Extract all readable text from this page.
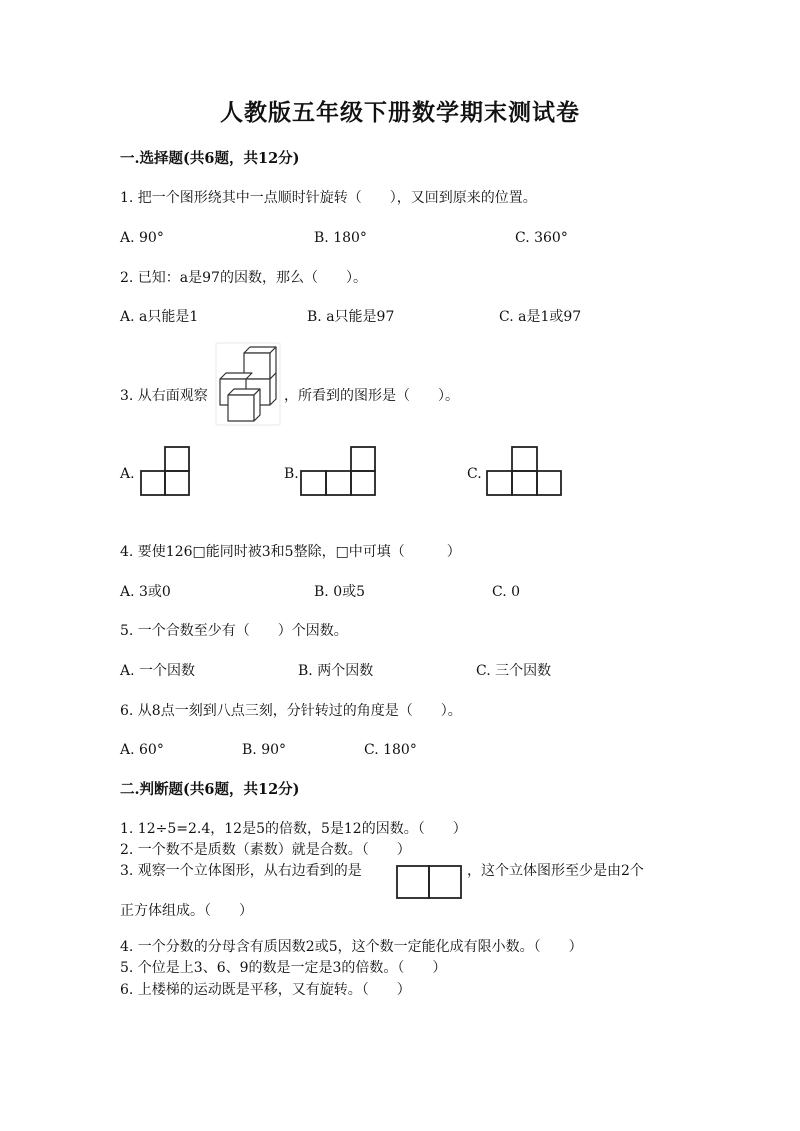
人教版五年级下册数学期末测试卷
一.选择题(共6题，共12分)
1. 把一个图形绕其中一点顺时针旋转（　　），又回到原来的位置。
A. 90°	B. 180°	C. 360°
2. 已知：a是97的因数，那么（　　）。
A. a只能是1	B. a只能是97	C. a是1或97
3. 从右面观察	，所看到的图形是（　　）。
A.	B.	C.
4. 要使126□能同时被3和5整除，□中可填（　　　）
A. 3或0	B. 0或5	C. 0
5. 一个合数至少有（　　）个因数。
A. 一个因数	B. 两个因数	C. 三个因数
6. 从8点一刻到八点三刻，分针转过的角度是（　　）。
A. 60°	B. 90°	C. 180°
二.判断题(共6题，共12分)
1. 12÷5=2.4，12是5的倍数，5是12的因数。（　　）
2. 一个数不是质数（素数）就是合数。（　　）
3. 观察一个立体图形，从右边看到的是	，这个立体图形至少是由2个
正方体组成。（　　）
4. 一个分数的分母含有质因数2或5，这个数一定能化成有限小数。（　　）
5. 个位是上3、6、9的数是一定是3的倍数。（　　）
6. 上楼梯的运动既是平移，又有旋转。（　　）
